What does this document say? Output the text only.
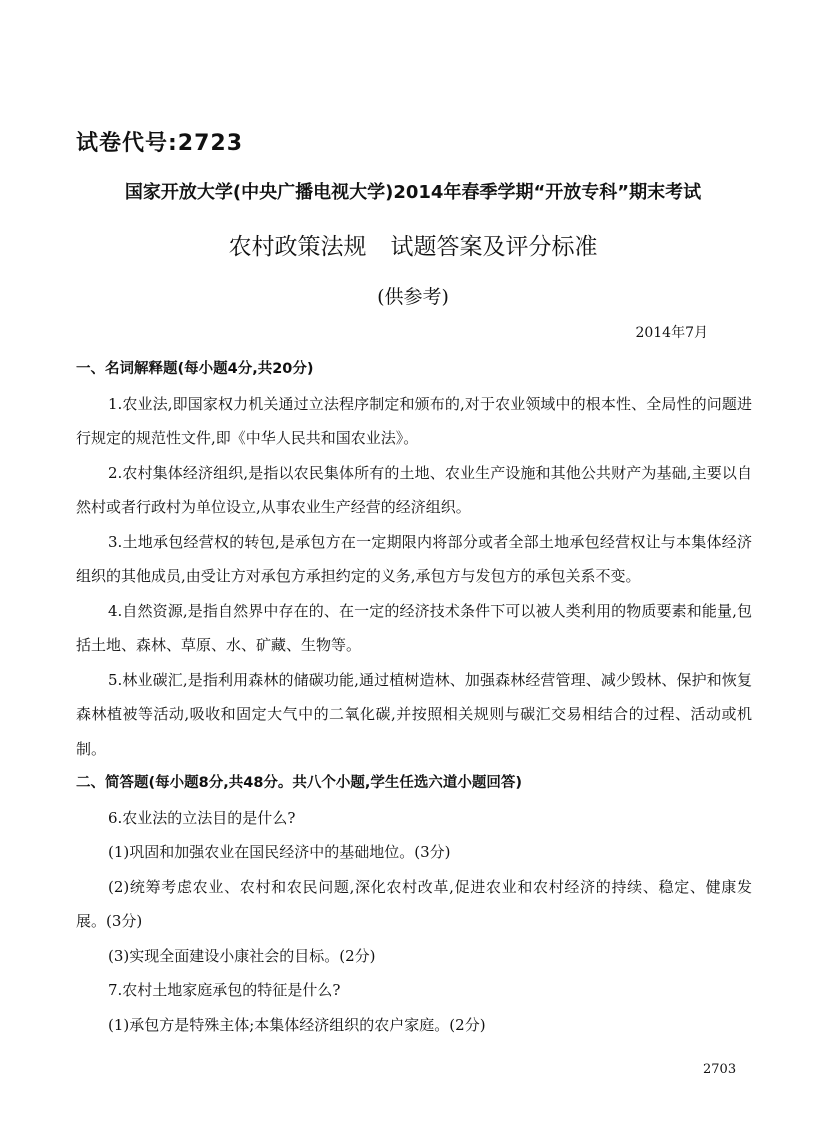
试卷代号:2723
国家开放大学(中央广播电视大学)2014年春季学期“开放专科”期末考试
农村政策法规 试题答案及评分标准
(供参考)
2014年7月

一、名词解释题(每小题4分,共20分)

1.农业法,即国家权力机关通过立法程序制定和颁布的,对于农业领域中的根本性、全局性的问题进行规定的规范性文件,即《中华人民共和国农业法》。

2.农村集体经济组织,是指以农民集体所有的土地、农业生产设施和其他公共财产为基础,主要以自然村或者行政村为单位设立,从事农业生产经营的经济组织。

3.土地承包经营权的转包,是承包方在一定期限内将部分或者全部土地承包经营权让与本集体经济组织的其他成员,由受让方对承包方承担约定的义务,承包方与发包方的承包关系不变。

4.自然资源,是指自然界中存在的、在一定的经济技术条件下可以被人类利用的物质要素和能量,包括土地、森林、草原、水、矿藏、生物等。

5.林业碳汇,是指利用森林的储碳功能,通过植树造林、加强森林经营管理、减少毁林、保护和恢复森林植被等活动,吸收和固定大气中的二氧化碳,并按照相关规则与碳汇交易相结合的过程、活动或机制。

二、简答题(每小题8分,共48分。共八个小题,学生任选六道小题回答)

6.农业法的立法目的是什么?

(1)巩固和加强农业在国民经济中的基础地位。(3分)

(2)统筹考虑农业、农村和农民问题,深化农村改革,促进农业和农村经济的持续、稳定、健康发展。(3分)

(3)实现全面建设小康社会的目标。(2分)

7.农村土地家庭承包的特征是什么?

(1)承包方是特殊主体;本集体经济组织的农户家庭。(2分)

2703
